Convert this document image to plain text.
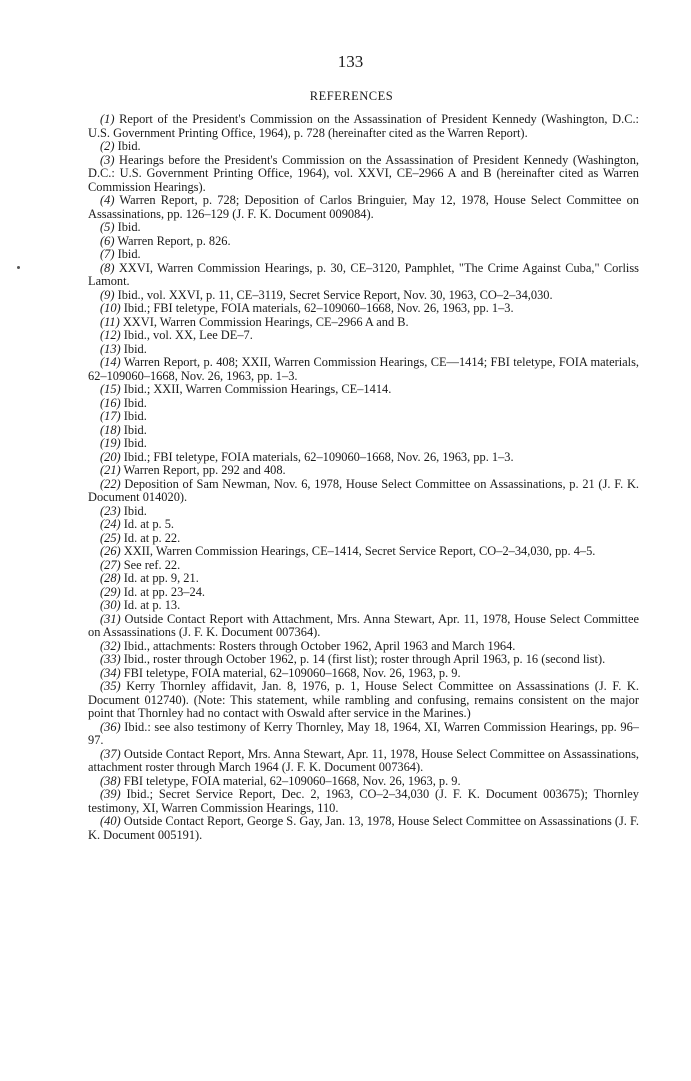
133
REFERENCES

(1) Report of the President's Commission on the Assassination of President Kennedy (Washington, D.C.: U.S. Government Printing Office, 1964), p. 728 (hereinafter cited as the Warren Report).

(2) Ibid.

(3) Hearings before the President's Commission on the Assassination of President Kennedy (Washington, D.C.: U.S. Government Printing Office, 1964), vol. XXVI, CE–2966 A and B (hereinafter cited as Warren Commission Hearings).

(4) Warren Report, p. 728; Deposition of Carlos Bringuier, May 12, 1978, House Select Committee on Assassinations, pp. 126–129 (J. F. K. Document 009084).

(5) Ibid.

(6) Warren Report, p. 826.

(7) Ibid.

(8) XXVI, Warren Commission Hearings, p. 30, CE–3120, Pamphlet, "The Crime Against Cuba," Corliss Lamont.

(9) Ibid., vol. XXVI, p. 11, CE–3119, Secret Service Report, Nov. 30, 1963, CO–2–34,030.

(10) Ibid.; FBI teletype, FOIA materials, 62–109060–1668, Nov. 26, 1963, pp. 1–3.

(11) XXVI, Warren Commission Hearings, CE–2966 A and B.

(12) Ibid., vol. XX, Lee DE–7.

(13) Ibid.

(14) Warren Report, p. 408; XXII, Warren Commission Hearings, CE—1414; FBI teletype, FOIA materials, 62–109060–1668, Nov. 26, 1963, pp. 1–3.

(15) Ibid.; XXII, Warren Commission Hearings, CE–1414.

(16) Ibid.

(17) Ibid.

(18) Ibid.

(19) Ibid.

(20) Ibid.; FBI teletype, FOIA materials, 62–109060–1668, Nov. 26, 1963, pp. 1–3.

(21) Warren Report, pp. 292 and 408.

(22) Deposition of Sam Newman, Nov. 6, 1978, House Select Committee on Assassinations, p. 21 (J. F. K. Document 014020).

(23) Ibid.

(24) Id. at p. 5.

(25) Id. at p. 22.

(26) XXII, Warren Commission Hearings, CE–1414, Secret Service Report, CO–2–34,030, pp. 4–5.

(27) See ref. 22.

(28) Id. at pp. 9, 21.

(29) Id. at pp. 23–24.

(30) Id. at p. 13.

(31) Outside Contact Report with Attachment, Mrs. Anna Stewart, Apr. 11, 1978, House Select Committee on Assassinations (J. F. K. Document 007364).

(32) Ibid., attachments: Rosters through October 1962, April 1963 and March 1964.

(33) Ibid., roster through October 1962, p. 14 (first list); roster through April 1963, p. 16 (second list).

(34) FBI teletype, FOIA material, 62–109060–1668, Nov. 26, 1963, p. 9.

(35) Kerry Thornley affidavit, Jan. 8, 1976, p. 1, House Select Committee on Assassinations (J. F. K. Document 012740). (Note: This statement, while rambling and confusing, remains consistent on the major point that Thornley had no contact with Oswald after service in the Marines.)

(36) Ibid.: see also testimony of Kerry Thornley, May 18, 1964, XI, Warren Commission Hearings, pp. 96–97.

(37) Outside Contact Report, Mrs. Anna Stewart, Apr. 11, 1978, House Select Committee on Assassinations, attachment roster through March 1964 (J. F. K. Document 007364).

(38) FBI teletype, FOIA material, 62–109060–1668, Nov. 26, 1963, p. 9.

(39) Ibid.; Secret Service Report, Dec. 2, 1963, CO–2–34,030 (J. F. K. Document 003675); Thornley testimony, XI, Warren Commission Hearings, 110.

(40) Outside Contact Report, George S. Gay, Jan. 13, 1978, House Select Committee on Assassinations (J. F. K. Document 005191).
